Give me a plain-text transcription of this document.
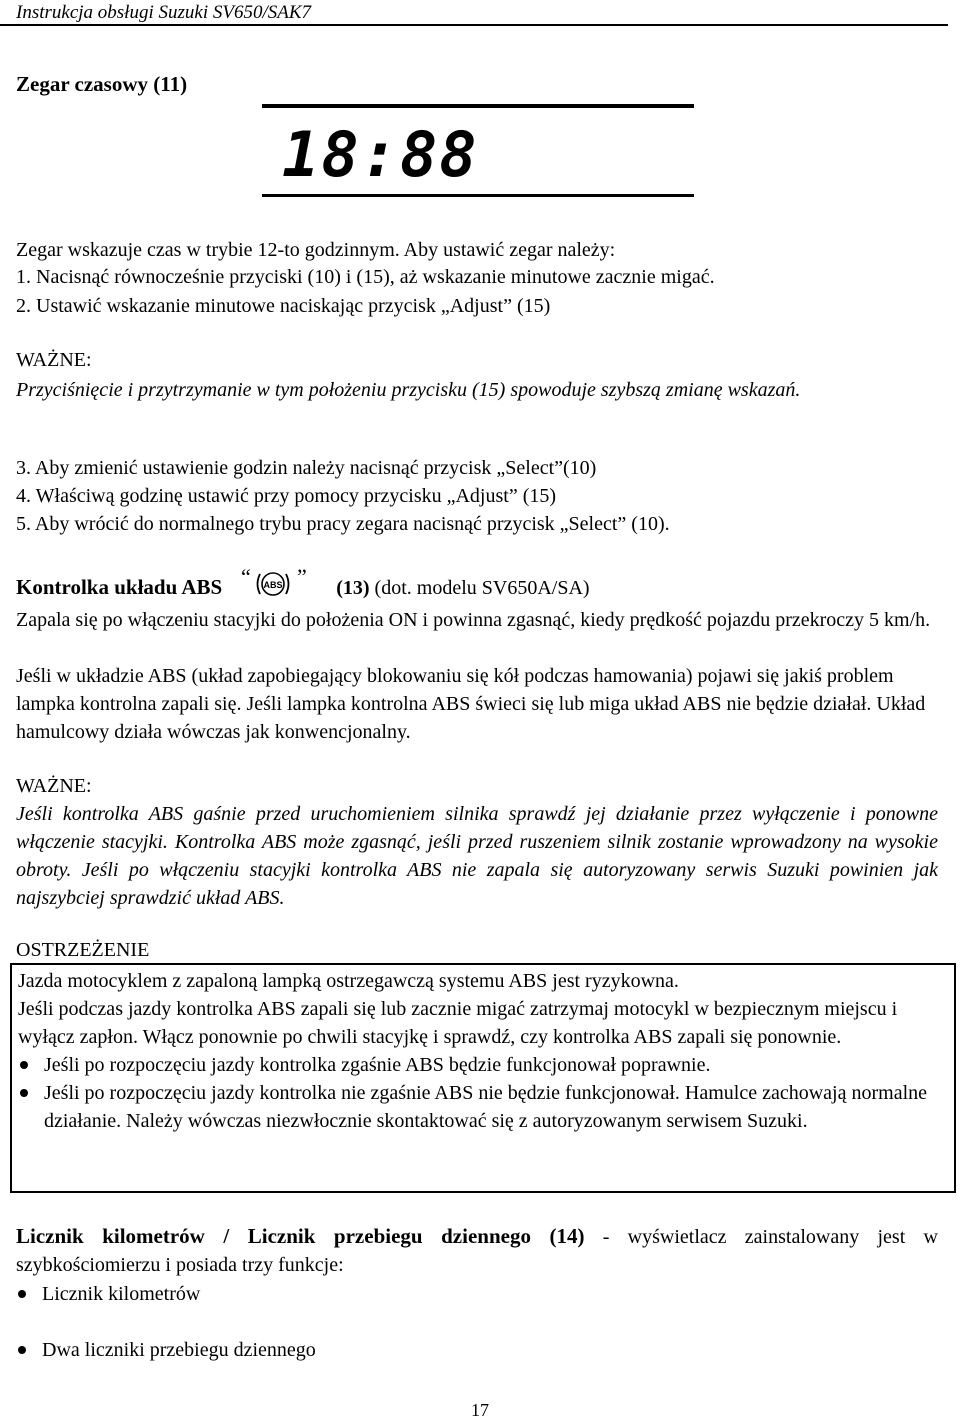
Instrukcja obsługi Suzuki SV650/SAK7
Zegar czasowy (11)
18:88
Zegar wskazuje czas w trybie 12-to godzinnym. Aby ustawić zegar należy:
1. Nacisnąć równocześnie przyciski (10) i (15), aż wskazanie minutowe zacznie migać.
2. Ustawić wskazanie minutowe naciskając przycisk „Adjust” (15)
WAŻNE:
Przyciśnięcie i przytrzymanie w tym położeniu przycisku (15) spowoduje szybszą zmianę wskazań.
3. Aby zmienić ustawienie godzin należy nacisnąć przycisk „Select”(10)
4. Właściwą godzinę ustawić przy pomocy przycisku „Adjust” (15)
5. Aby wrócić do normalnego trybu pracy zegara nacisnąć przycisk „Select” (10).
Kontrolka układu ABS “ ABS ” (13) (dot. modelu SV650A/SA)
Zapala się po włączeniu stacyjki do położenia ON i powinna zgasnąć, kiedy prędkość pojazdu przekroczy 5 km/h.
Jeśli w układzie ABS (układ zapobiegający blokowaniu się kół podczas hamowania) pojawi się jakiś problem lampka kontrolna zapali się. Jeśli lampka kontrolna ABS świeci się lub miga układ ABS nie będzie działał. Układ hamulcowy działa wówczas jak konwencjonalny.
WAŻNE:
Jeśli kontrolka ABS gaśnie przed uruchomieniem silnika sprawdź jej działanie przez wyłączenie i ponowne włączenie stacyjki. Kontrolka ABS może zgasnąć, jeśli przed ruszeniem silnik zostanie wprowadzony na wysokie obroty. Jeśli po włączeniu stacyjki kontrolka ABS nie zapala się autoryzowany serwis Suzuki powinien jak najszybciej sprawdzić układ ABS.
OSTRZEŻENIE
Jazda motocyklem z zapaloną lampką ostrzegawczą systemu ABS jest ryzykowna.
Jeśli podczas jazdy kontrolka ABS zapali się lub zacznie migać zatrzymaj motocykl w bezpiecznym miejscu i wyłącz zapłon. Włącz ponownie po chwili stacyjkę i sprawdź, czy kontrolka ABS zapali się ponownie.
Jeśli po rozpoczęciu jazdy kontrolka zgaśnie ABS będzie funkcjonował poprawnie.
Jeśli po rozpoczęciu jazdy kontrolka nie zgaśnie ABS nie będzie funkcjonował. Hamulce zachowają normalne działanie. Należy wówczas niezwłocznie skontaktować się z autoryzowanym serwisem Suzuki.
Licznik kilometrów / Licznik przebiegu dziennego (14) - wyświetlacz zainstalowany jest w szybkościomierzu i posiada trzy funkcje:
Licznik kilometrów
Dwa liczniki przebiegu dziennego
17
